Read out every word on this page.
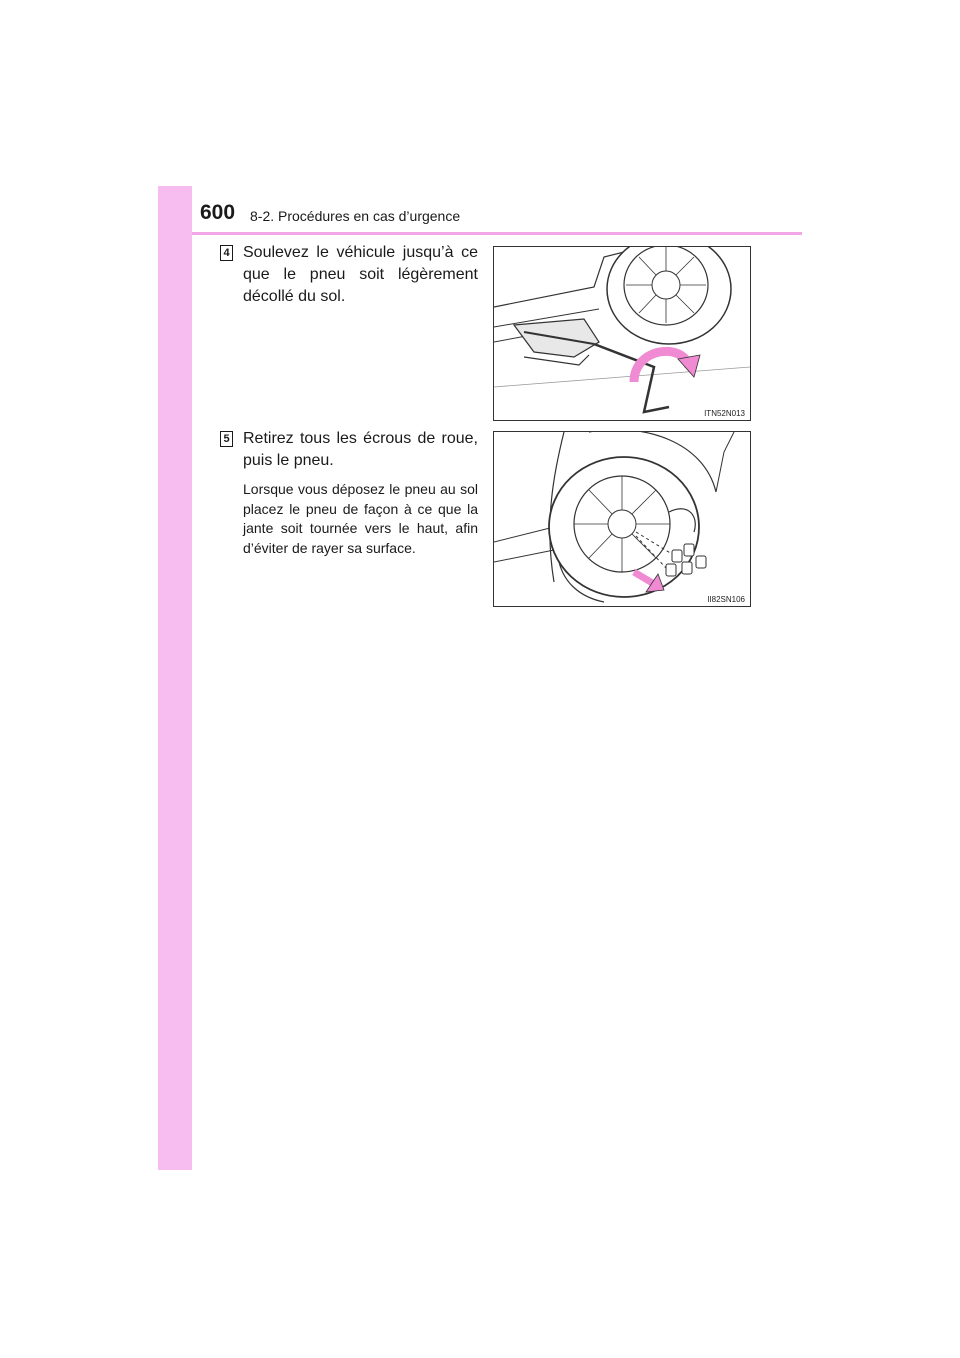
600 8-2. Procédures en cas d’urgence
4 Soulevez le véhicule jusqu’à ce que le pneu soit légèrement décollé du sol.
ITN52N013
5 Retirez tous les écrous de roue, puis le pneu.
Lorsque vous déposez le pneu au sol placez le pneu de façon à ce que la jante soit tournée vers le haut, afin d’éviter de rayer sa surface.
II82SN106
